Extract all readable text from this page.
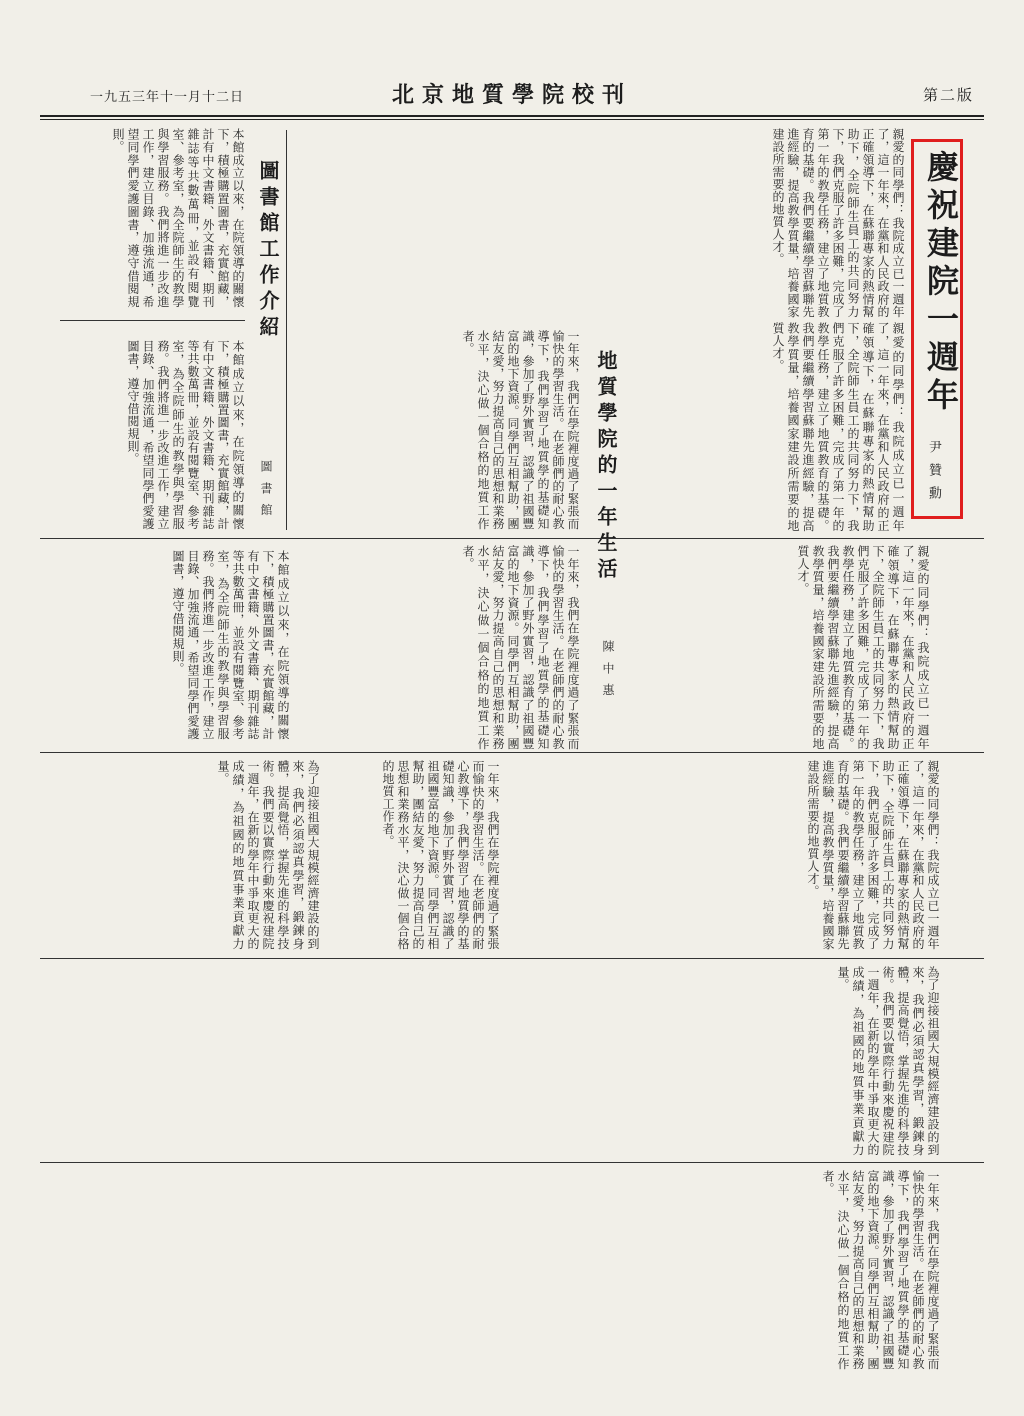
一九五三年十一月十二日	北京地質學院校刊	第二版
慶祝建院一週年
尹 贊 勳
親愛的同學們：我院成立已一週年了，這一年來，在黨和人民政府的正確領導下，在蘇聯專家的熱情幫助下，全院師生員工的共同努力下，我們克服了許多困難，完成了第一年的教學任務，建立了地質教育的基礎。我們要繼續學習蘇聯先進經驗，提高教學質量，培養國家建設所需要的地質人才。
親愛的同學們：我院成立已一週年了，這一年來，在黨和人民政府的正確領導下，在蘇聯專家的熱情幫助下，全院師生員工的共同努力下，我們克服了許多困難，完成了第一年的教學任務，建立了地質教育的基礎。我們要繼續學習蘇聯先進經驗，提高教學質量，培養國家建設所需要的地質人才。
本館成立以來，在院領導的關懷下，積極購置圖書，充實館藏，計有中文書籍、外文書籍、期刊雜誌等共數萬冊，並設有閱覽室、參考室，為全院師生的教學與學習服務。我們將進一步改進工作，建立目錄、加強流通，希望同學們愛護圖書，遵守借閱規則。
圖書館工作介紹
圖 書 館
本館成立以來，在院領導的關懷下，積極購置圖書，充實館藏，計有中文書籍、外文書籍、期刊雜誌等共數萬冊，並設有閱覽室、參考室，為全院師生的教學與學習服務。我們將進一步改進工作，建立目錄、加強流通，希望同學們愛護圖書，遵守借閱規則。	一年來，我們在學院裡度過了緊張而愉快的學習生活。在老師們的耐心教導下，我們學習了地質學的基礎知識，參加了野外實習，認識了祖國豐富的地下資源。同學們互相幫助，團結友愛，努力提高自己的思想和業務水平，決心做一個合格的地質工作者。
地質學院的一年生活
陳 中 惠
本館成立以來，在院領導的關懷下，積極購置圖書，充實館藏，計有中文書籍、外文書籍、期刊雜誌等共數萬冊，並設有閱覽室、參考室，為全院師生的教學與學習服務。我們將進一步改進工作，建立目錄、加強流通，希望同學們愛護圖書，遵守借閱規則。	一年來，我們在學院裡度過了緊張而愉快的學習生活。在老師們的耐心教導下，我們學習了地質學的基礎知識，參加了野外實習，認識了祖國豐富的地下資源。同學們互相幫助，團結友愛，努力提高自己的思想和業務水平，決心做一個合格的地質工作者。	親愛的同學們：我院成立已一週年了，這一年來，在黨和人民政府的正確領導下，在蘇聯專家的熱情幫助下，全院師生員工的共同努力下，我們克服了許多困難，完成了第一年的教學任務，建立了地質教育的基礎。我們要繼續學習蘇聯先進經驗，提高教學質量，培養國家建設所需要的地質人才。
為了迎接祖國大規模經濟建設的到來，我們必須認真學習，鍛鍊身體，提高覺悟，掌握先進的科學技術。我們要以實際行動來慶祝建院一週年，在新的學年中爭取更大的成績，為祖國的地質事業貢獻力量。	一年來，我們在學院裡度過了緊張而愉快的學習生活。在老師們的耐心教導下，我們學習了地質學的基礎知識，參加了野外實習，認識了祖國豐富的地下資源。同學們互相幫助，團結友愛，努力提高自己的思想和業務水平，決心做一個合格的地質工作者。	親愛的同學們：我院成立已一週年了，這一年來，在黨和人民政府的正確領導下，在蘇聯專家的熱情幫助下，全院師生員工的共同努力下，我們克服了許多困難，完成了第一年的教學任務，建立了地質教育的基礎。我們要繼續學習蘇聯先進經驗，提高教學質量，培養國家建設所需要的地質人才。
為了迎接祖國大規模經濟建設的到來，我們必須認真學習，鍛鍊身體，提高覺悟，掌握先進的科學技術。我們要以實際行動來慶祝建院一週年，在新的學年中爭取更大的成績，為祖國的地質事業貢獻力量。
一年來，我們在學院裡度過了緊張而愉快的學習生活。在老師們的耐心教導下，我們學習了地質學的基礎知識，參加了野外實習，認識了祖國豐富的地下資源。同學們互相幫助，團結友愛，努力提高自己的思想和業務水平，決心做一個合格的地質工作者。
